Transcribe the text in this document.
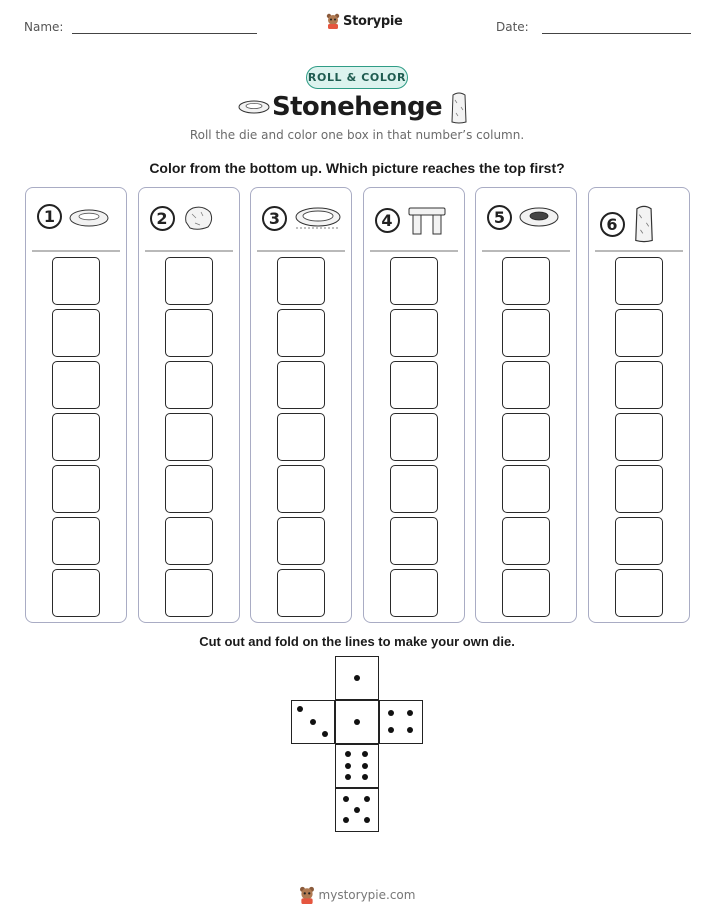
Name:	Storypie	Date:
ROLL & COLOR
Stonehenge
Roll the die and color one box in that number’s column.
Color from the bottom up. Which picture reaches the top first?
1	2	3	4	5	6
Cut out and fold on the lines to make your own die.
mystorypie.com
